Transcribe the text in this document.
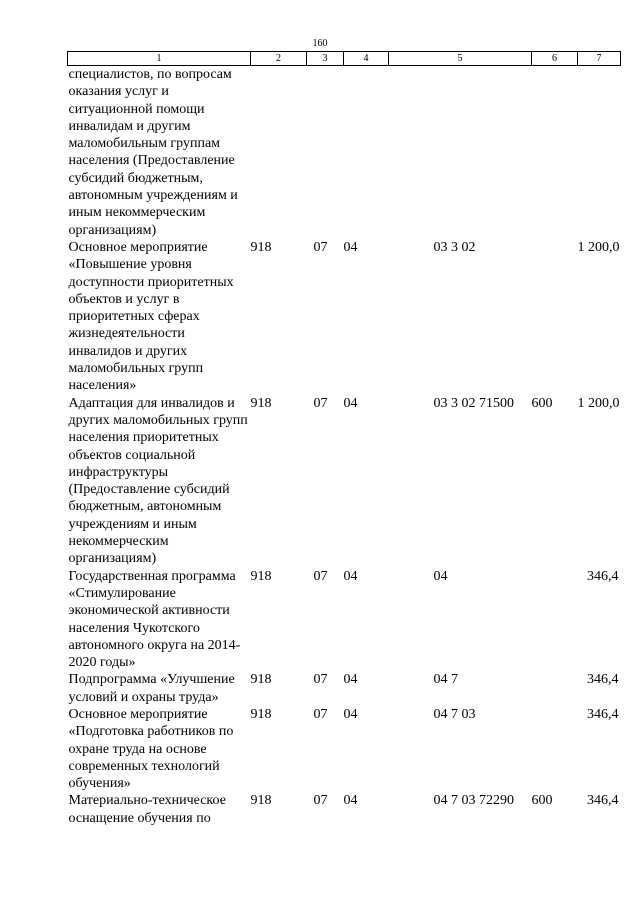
160
1	2	3	4	5	6	7
специалистов, по вопросам оказания услуг и ситуационной помощи инвалидам и другим маломобильным группам населения (Предоставление субсидий бюджетным, автономным учреждениям и иным некоммерческим организациям)						
Основное мероприятие «Повышение уровня доступности приоритетных объектов и услуг в приоритетных сферах жизнедеятельности инвалидов и других маломобильных групп населения»	918	07	04	03 3 02		1 200,0
Адаптация для инвалидов и других маломобильных групп населения приоритетных объектов социальной инфраструктуры (Предоставление субсидий бюджетным, автономным учреждениям и иным некоммерческим организациям)	918	07	04	03 3 02 71500	600	1 200,0
Государственная программа «Стимулирование экономической активности населения Чукотского автономного округа на 2014-2020 годы»	918	07	04	04		346,4
Подпрограмма «Улучшение условий и охраны труда»	918	07	04	04 7		346,4
Основное мероприятие «Подготовка работников по охране труда на основе современных технологий обучения»	918	07	04	04 7 03		346,4
Материально-техническое оснащение обучения по	918	07	04	04 7 03 72290	600	346,4
